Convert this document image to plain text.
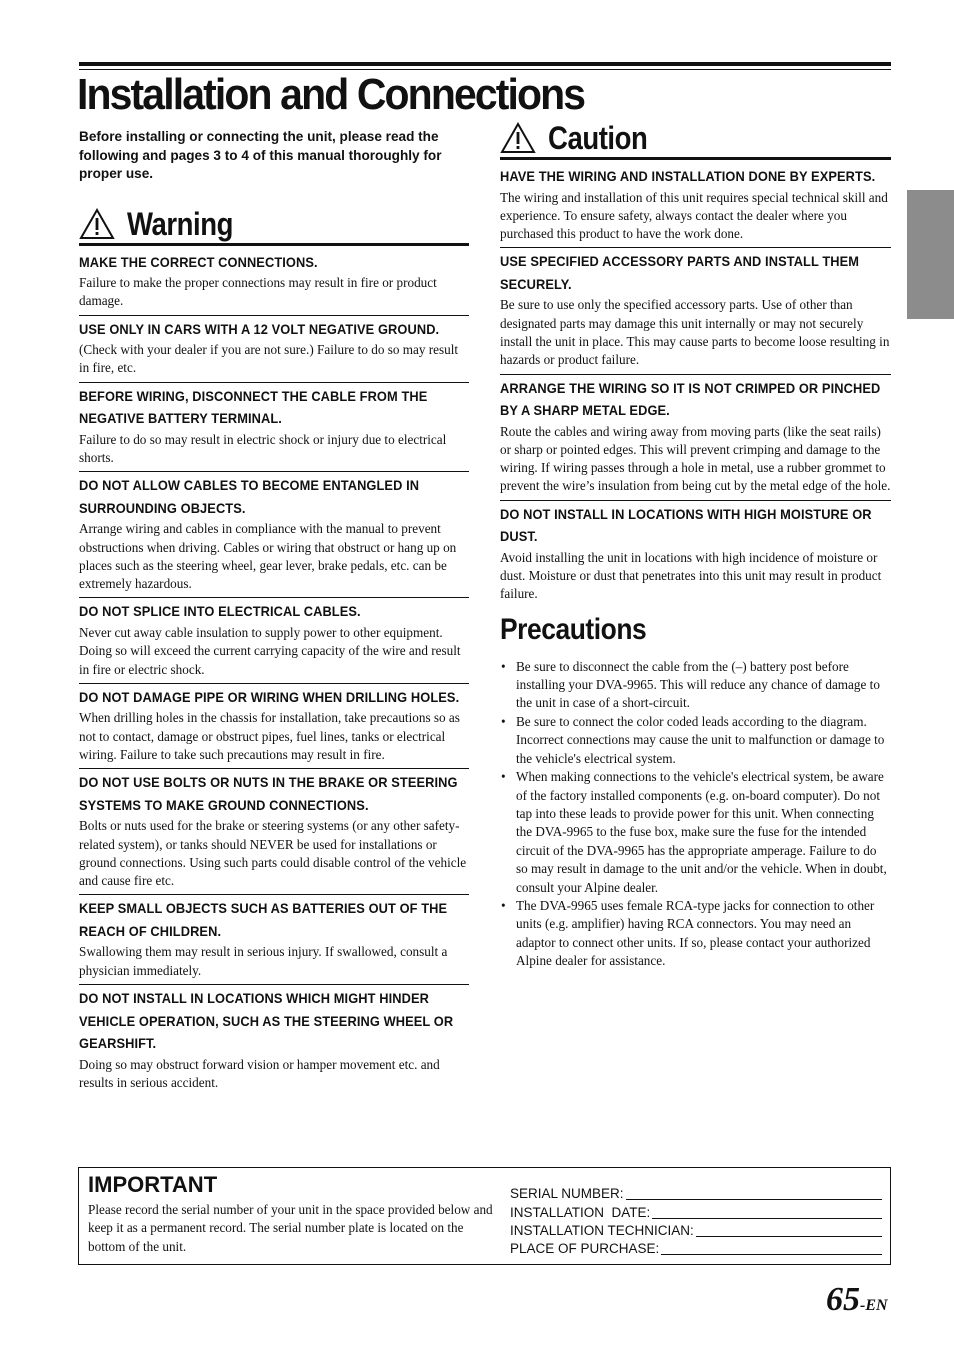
Installation and Connections

Before installing or connecting the unit, please read the following and pages 3 to 4 of this manual thoroughly for proper use.

Warning
MAKE THE CORRECT CONNECTIONS.

Failure to make the proper connections may result in fire or product damage.

USE ONLY IN CARS WITH A 12 VOLT NEGATIVE GROUND.

(Check with your dealer if you are not sure.) Failure to do so may result in fire, etc.

BEFORE WIRING, DISCONNECT THE CABLE FROM THE NEGATIVE BATTERY TERMINAL.

Failure to do so may result in electric shock or injury due to electrical shorts.

DO NOT ALLOW CABLES TO BECOME ENTANGLED IN SURROUNDING OBJECTS.

Arrange wiring and cables in compliance with the manual to prevent obstructions when driving. Cables or wiring that obstruct or hang up on places such as the steering wheel, gear lever, brake pedals, etc. can be extremely hazardous.

DO NOT SPLICE INTO ELECTRICAL CABLES.

Never cut away cable insulation to supply power to other equipment. Doing so will exceed the current carrying capacity of the wire and result in fire or electric shock.

DO NOT DAMAGE PIPE OR WIRING WHEN DRILLING HOLES.

When drilling holes in the chassis for installation, take precautions so as not to contact, damage or obstruct pipes, fuel lines, tanks or electrical wiring. Failure to take such precautions may result in fire.

DO NOT USE BOLTS OR NUTS IN THE BRAKE OR STEERING SYSTEMS TO MAKE GROUND CONNECTIONS.

Bolts or nuts used for the brake or steering systems (or any other safety-related system), or tanks should NEVER be used for installations or ground connections. Using such parts could disable control of the vehicle and cause fire etc.

KEEP SMALL OBJECTS SUCH AS BATTERIES OUT OF THE REACH OF CHILDREN.

Swallowing them may result in serious injury. If swallowed, consult a physician immediately.

DO NOT INSTALL IN LOCATIONS WHICH MIGHT HINDER VEHICLE OPERATION, SUCH AS THE STEERING WHEEL OR GEARSHIFT.

Doing so may obstruct forward vision or hamper movement etc. and results in serious accident.

Caution
HAVE THE WIRING AND INSTALLATION DONE BY EXPERTS.

The wiring and installation of this unit requires special technical skill and experience. To ensure safety, always contact the dealer where you purchased this product to have the work done.

USE SPECIFIED ACCESSORY PARTS AND INSTALL THEM SECURELY.

Be sure to use only the specified accessory parts. Use of other than designated parts may damage this unit internally or may not securely install the unit in place. This may cause parts to become loose resulting in hazards or product failure.

ARRANGE THE WIRING SO IT IS NOT CRIMPED OR PINCHED BY A SHARP METAL EDGE.

Route the cables and wiring away from moving parts (like the seat rails) or sharp or pointed edges. This will prevent crimping and damage to the wiring. If wiring passes through a hole in metal, use a rubber grommet to prevent the wire’s insulation from being cut by the metal edge of the hole.

DO NOT INSTALL IN LOCATIONS WITH HIGH MOISTURE OR DUST.

Avoid installing the unit in locations with high incidence of moisture or dust. Moisture or dust that penetrates into this unit may result in product failure.

Precautions
• Be sure to disconnect the cable from the (–) battery post before installing your DVA-9965. This will reduce any chance of damage to the unit in case of a short-circuit.
• Be sure to connect the color coded leads according to the diagram. Incorrect connections may cause the unit to malfunction or damage to the vehicle's electrical system.
• When making connections to the vehicle's electrical system, be aware of the factory installed components (e.g. on-board computer). Do not tap into these leads to provide power for this unit. When connecting the DVA-9965 to the fuse box, make sure the fuse for the intended circuit of the DVA-9965 has the appropriate amperage. Failure to do so may result in damage to the unit and/or the vehicle. When in doubt, consult your Alpine dealer.
• The DVA-9965 uses female RCA-type jacks for connection to other units (e.g. amplifier) having RCA connectors. You may need an adaptor to connect other units. If so, please contact your authorized Alpine dealer for assistance.
IMPORTANT
Please record the serial number of your unit in the space provided below and keep it as a permanent record. The serial number plate is located on the bottom of the unit.
SERIAL NUMBER:
INSTALLATION  DATE:
INSTALLATION TECHNICIAN:
PLACE OF PURCHASE:
65-EN
